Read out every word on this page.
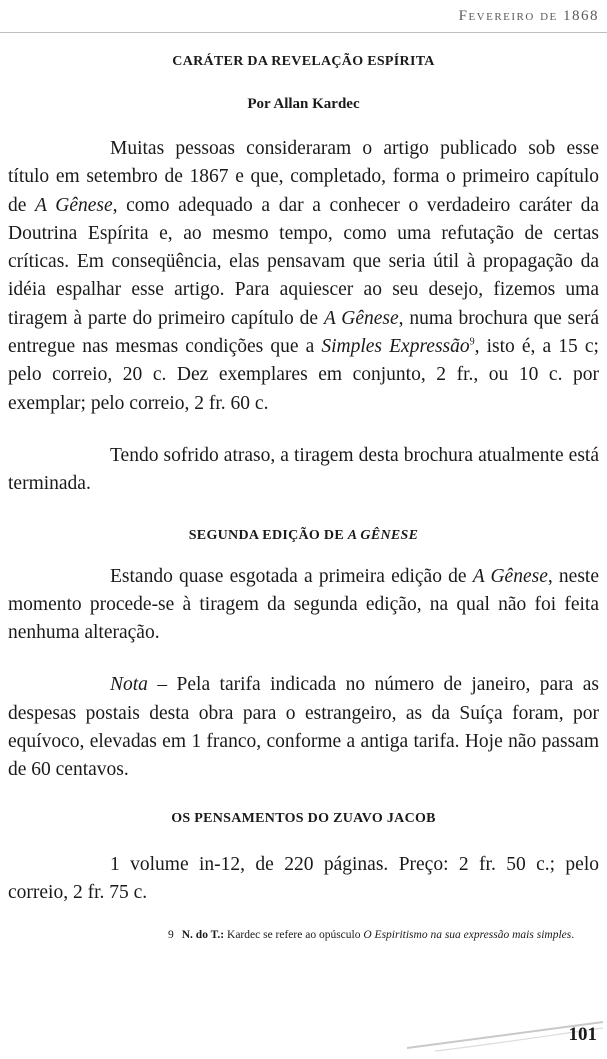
Fevereiro de 1868
CARÁTER DA REVELAÇÃO ESPÍRITA
Por Allan Kardec

Muitas pessoas consideraram o artigo publicado sob esse título em setembro de 1867 e que, completado, forma o primeiro capítulo de A Gênese, como adequado a dar a conhecer o verdadeiro caráter da Doutrina Espírita e, ao mesmo tempo, como uma refutação de certas críticas. Em conseqüência, elas pensavam que seria útil à propagação da idéia espalhar esse artigo. Para aquiescer ao seu desejo, fizemos uma tiragem à parte do primeiro capítulo de A Gênese, numa brochura que será entregue nas mesmas condições que a Simples Expressão$^9$, isto é, a 15 c; pelo correio, 20 c. Dez exemplares em conjunto, 2 fr., ou 10 c. por exemplar; pelo correio, 2 fr. 60 c.

Tendo sofrido atraso, a tiragem desta brochura atualmente está terminada.

SEGUNDA EDIÇÃO DE A GÊNESE

Estando quase esgotada a primeira edição de A Gênese, neste momento procede-se à tiragem da segunda edição, na qual não foi feita nenhuma alteração.

Nota – Pela tarifa indicada no número de janeiro, para as despesas postais desta obra para o estrangeiro, as da Suíça foram, por equívoco, elevadas em 1 franco, conforme a antiga tarifa. Hoje não passam de 60 centavos.

OS PENSAMENTOS DO ZUAVO JACOB

1 volume in-12, de 220 páginas. Preço: 2 fr. 50 c.; pelo correio, 2 fr. 75 c.

9 N. do T.: Kardec se refere ao opúsculo O Espiritismo na sua expressão mais simples.
101
